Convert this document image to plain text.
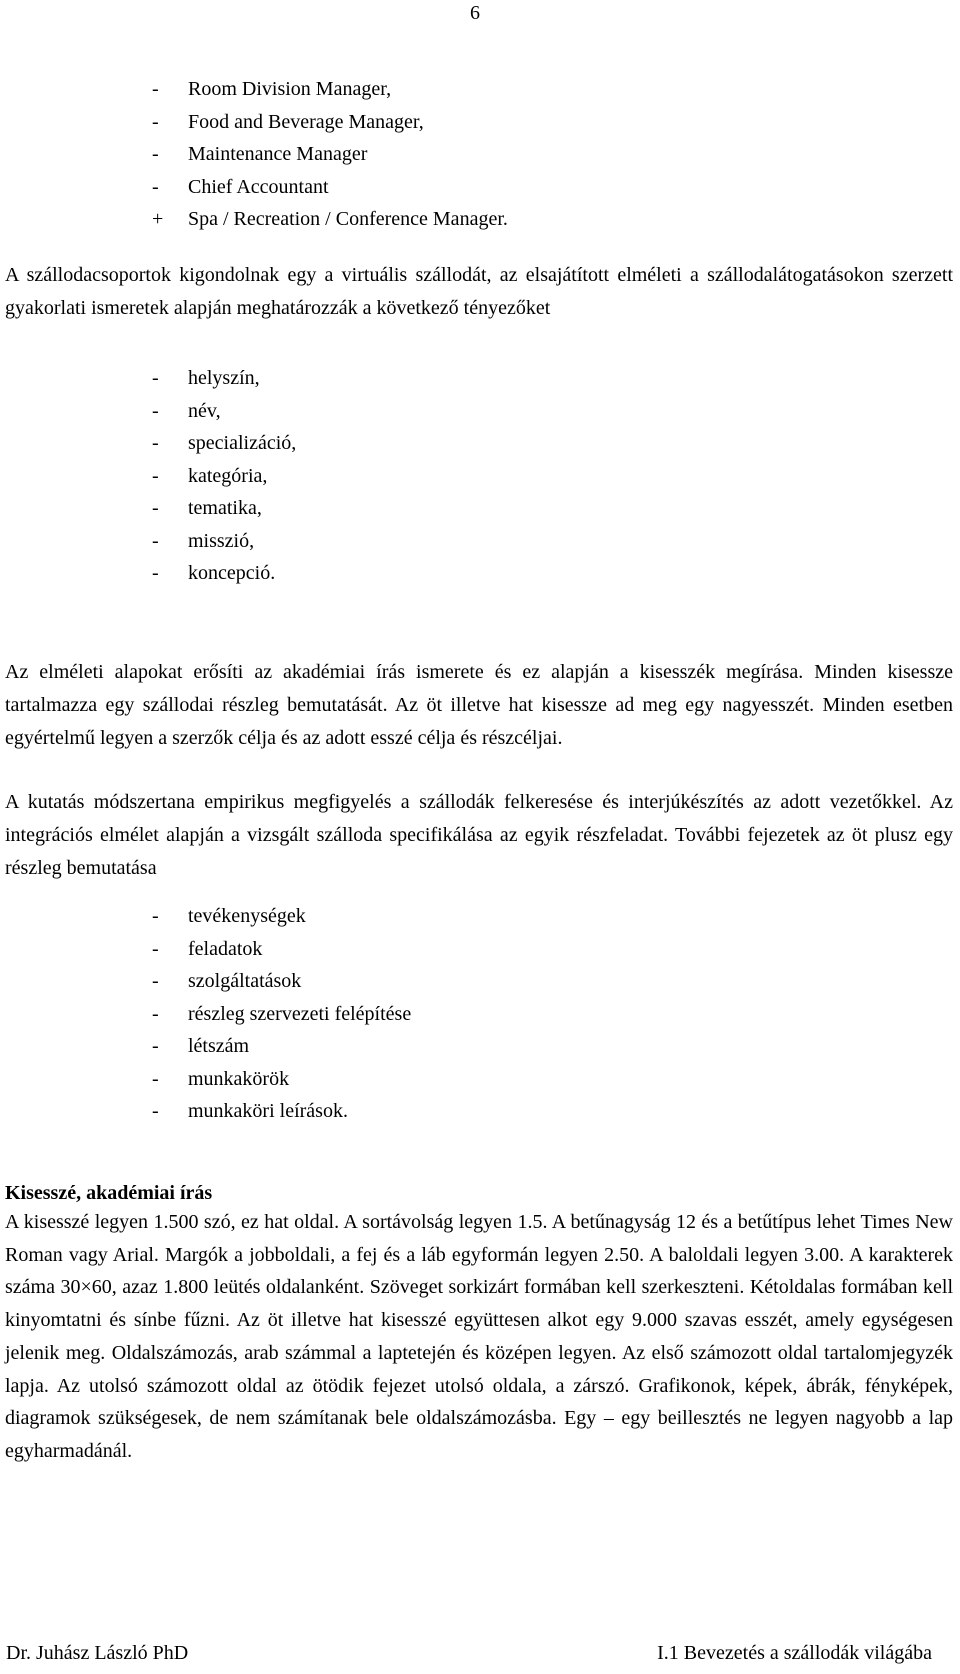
6
-	Room Division Manager,
-	Food and Beverage Manager,
-	Maintenance Manager
-	Chief Accountant
+	Spa / Recreation / Conference Manager.

A szállodacsoportok kigondolnak egy a virtuális szállodát, az elsajátított elméleti a szállodalátogatásokon szerzett gyakorlati ismeretek alapján meghatározzák a következő tényezőket

-	helyszín,
-	név,
-	specializáció,
-	kategória,
-	tematika,
-	misszió,
-	koncepció.

Az elméleti alapokat erősíti az akadémiai írás ismerete és ez alapján a kisesszék megírása. Minden kisessze tartalmazza egy szállodai részleg bemutatását. Az öt illetve hat kisessze ad meg egy nagyesszét. Minden esetben egyértelmű legyen a szerzők célja és az adott esszé célja és részcéljai.

A kutatás módszertana empirikus megfigyelés a szállodák felkeresése és interjúkészítés az adott vezetőkkel. Az integrációs elmélet alapján a vizsgált szálloda specifikálása az egyik részfeladat. További fejezetek az öt plusz egy részleg bemutatása

-	tevékenységek
-	feladatok
-	szolgáltatások
-	részleg szervezeti felépítése
-	létszám
-	munkakörök
-	munkaköri leírások.
Kisesszé, akadémiai írás

A kisesszé legyen 1.500 szó, ez hat oldal. A sortávolság legyen 1.5. A betűnagyság 12 és a betűtípus lehet Times New Roman vagy Arial. Margók a jobboldali, a fej és a láb egyformán legyen 2.50. A baloldali legyen 3.00. A karakterek száma 30×60, azaz 1.800 leütés oldalanként. Szöveget sorkizárt formában kell szerkeszteni. Kétoldalas formában kell kinyomtatni és sínbe fűzni. Az öt illetve hat kisesszé együttesen alkot egy 9.000 szavas esszét, amely egységesen jelenik meg. Oldalszámozás, arab számmal a laptetején és középen legyen. Az első számozott oldal tartalomjegyzék lapja. Az utolsó számozott oldal az ötödik fejezet utolsó oldala, a zárszó. Grafikonok, képek, ábrák, fényképek, diagramok szükségesek, de nem számítanak bele oldalszámozásba. Egy – egy beillesztés ne legyen nagyobb a lap egyharmadánál.

Dr. Juhász László PhD	I.1 Bevezetés a szállodák világába
